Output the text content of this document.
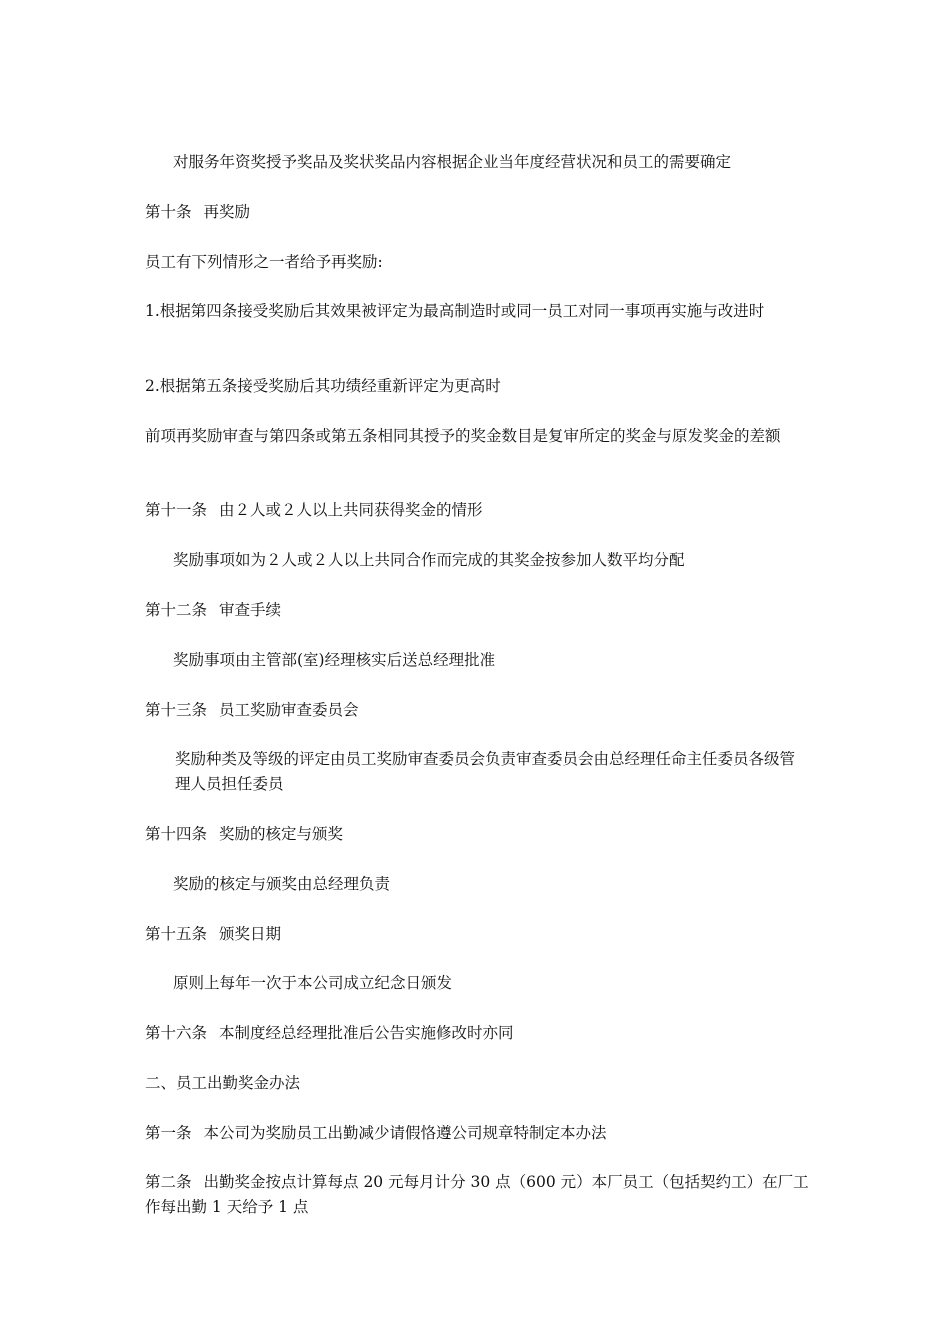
对服务年资奖授予奖品及奖状奖品内容根据企业当年度经营状况和员工的需要确定

第十条 再奖励

员工有下列情形之一者给予再奖励:

1.根据第四条接受奖励后其效果被评定为最高制造时或同一员工对同一事项再实施与改进时

2.根据第五条接受奖励后其功绩经重新评定为更高时

前项再奖励审查与第四条或第五条相同其授予的奖金数目是复审所定的奖金与原发奖金的差额

第十一条 由２人或２人以上共同获得奖金的情形

奖励事项如为２人或２人以上共同合作而完成的其奖金按参加人数平均分配

第十二条 审查手续

奖励事项由主管部(室)经理核实后送总经理批准

第十三条 员工奖励审查委员会

奖励种类及等级的评定由员工奖励审查委员会负责审查委员会由总经理任命主任委员各级管理人员担任委员

第十四条 奖励的核定与颁奖

奖励的核定与颁奖由总经理负责

第十五条 颁奖日期

原则上每年一次于本公司成立纪念日颁发

第十六条 本制度经总经理批准后公告实施修改时亦同

二、员工出勤奖金办法

第一条 本公司为奖励员工出勤减少请假恪遵公司规章特制定本办法

第二条 出勤奖金按点计算每点 20 元每月计分 30 点（600 元）本厂员工（包括契约工）在厂工作每出勤 1 天给予 1 点
